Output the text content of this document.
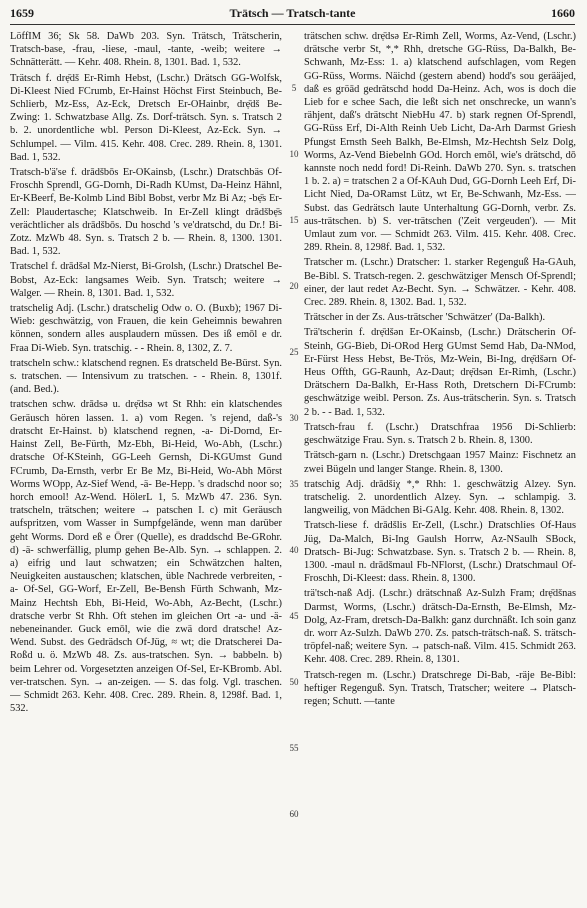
1659	Trätsch — Tratsch-tante	1660

LöffIM 36; Sk 58. DaWb 203. Syn. Trätsch, Trätscherin, Tratsch-base, -frau, -liese, -maul, -tante, -weib; weitere → Schnätterätt. — Kehr. 408. Rhein. 8, 1301. Bad. 1, 532.

Trätsch f. drẹ̄dš Er-Rimh Hebst, (Lschr.) Drätsch GG-Wolfsk, Di-Kleest Nied FCrumb, Er-Hainst Höchst First Steinbuch, Be-Schlierb, Mz-Ess, Az-Eck, Dretsch Er-OHainbr, drẹ̄dš Be-Zwing: 1. Schwatzbase Allg. Zs. Dorf-trätsch. Syn. s. Tratsch 2 b. 2. unordentliche wbl. Person Di-Kleest, Az-Eck. Syn. → Schlumpel. — Vilm. 415. Kehr. 408. Crec. 289. Rhein. 8, 1301. Bad. 1, 532.

Tratsch-b'ä'se f. drādšbōs Er-OKainsb, (Lschr.) Dratschbäs Of-Froschh Sprendl, GG-Dornh, Di-Radh KUmst, Da-Heinz Hähnl, Er-KBeerf, Be-Kolmb Lind Bibl Bobst, verbr Mz Bi Az; -bẹ̄s Er-Zell: Plaudertasche; Klatschweib. In Er-Zell klingt drādšbẹ̄s verächtlicher als drādšbōs. Du hoschd 's ve'dratschd, du Dr.! Bi-Zotz. MzWb 48. Syn. s. Tratsch 2 b. — Rhein. 8, 1300. 1301. Bad. 1, 532.

Tratschel f. drādšəl Mz-Nierst, Bi-Grolsh, (Lschr.) Dratschel Be-Bobst, Az-Eck: langsames Weib. Syn. Tratsch; weitere → Walger. — Rhein. 8, 1301. Bad. 1, 532.

tratschelig Adj. (Lschr.) dratschelig Odw o. O. (Buxb); 1967 Di-Wieb: geschwätzig, von Frauen, die kein Geheimnis bewahren können, sondern alles ausplaudern müssen. Des iß emōl e dr. Fraa Di-Wieb. Syn. tratschig. - - Rhein. 8, 1302, Z. 7.

tratscheln schw.: klatschend regnen. Es dratscheld Be-Bürst. Syn. s. tratschen. — Intensivum zu tratschen. - - Rhein. 8, 1301f. (and. Bed.).

tratschen schw. drādsə u. drẹ̄dsə wt St Rhh: ein klatschendes Geräusch hören lassen. 1. a) vom Regen. 's rejend, daß-'s dratscht Er-Hainst. b) klatschend regnen, -a- Di-Dornd, Er-Hainst Zell, Be-Fürth, Mz-Ebh, Bi-Heid, Wo-Abh, (Lschr.) dratsche Of-KSteinh, GG-Leeh Gernsh, Di-KGUmst Gund FCrumb, Da-Ernsth, verbr Er Be Mz, Bi-Heid, Wo-Abh Mörst Worms WOpp, Az-Sief Wend, -ä- Be-Hepp. 's dradschd noor so; horch emool! Az-Wend. HölerL 1, 5. MzWb 47. 236. Syn. tratscheln, trätschen; weitere → patschen I. c) mit Geräusch aufspritzen, vom Wasser in Sumpfgelände, wenn man darüber geht Worms. Dord eß e Örer (Quelle), es draddschd Be-GRohr. d) -ä- schwerfällig, plump gehen Be-Alb. Syn. → schlappen. 2. a) eifrig und laut schwatzen; ein Schwätzchen halten, Neuigkeiten austauschen; klatschen, üble Nachrede verbreiten, -a- Of-Sel, GG-Worf, Er-Zell, Be-Bensh Fürth Schwanh, Mz-Mainz Hechtsh Ebh, Bi-Heid, Wo-Abh, Az-Becht, (Lschr.) dratsche verbr St Rhh. Oft stehen im gleichen Ort -a- und -ä- nebeneinander. Guck emōl, wie die zwä dord dratsche! Az-Wend. Subst. des Gedrädsch Of-Jüg, ≈ wt; die Dratscherei Da-Roßd u. ö. MzWb 48. Zs. aus-tratschen. Syn. → babbeln. b) beim Lehrer od. Vorgesetzten anzeigen Of-Sel, Er-KBromb. Abl. ver-tratschen. Syn. → an-zeigen. — S. das folg. Vgl. traschen. — Schmidt 263. Kehr. 408. Crec. 289. Rhein. 8, 1298f. Bad. 1, 532.

5
10
15
20
25
30
35
40
45
50
55
60

trätschen schw. drẹ̄dsə Er-Rimh Zell, Worms, Az-Vend, (Lschr.) drätsche verbr St, *,* Rhh, dretsche GG-Rüss, Da-Balkh, Be-Schwanh, Mz-Ess: 1. a) klatschend aufschlagen, vom Regen GG-Rüss, Worms. Näichd (gestern abend) hodd's sou gerääjed, daß es gröād gedrätschd hodd Da-Heinz. Ach, wos is doch die Lieb for e schee Sach, die leßt sich net onschrecke, un wann's rähjent, daß's drätscht NiebHu 47. b) stark regnen Of-Sprendl, GG-Rüss Erf, Di-Alth Reinh Ueb Licht, Da-Arh Darmst Griesh Pfungst Ernsth Seeh Balkh, Be-Elmsh, Mz-Hechtsh Selz Dolg, Worms, Az-Vend Biebelnh GOd. Horch emōl, wie's drätschd, dō kannste noch nedd ford! Di-Reinh. DaWb 270. Syn. s. tratschen 1 b. 2. a) = tratschen 2 a Of-KAuh Dud, GG-Dornh Leeh Erf, Di-Licht Nied, Da-ORamst Lütz, wt Er, Be-Schwanh, Mz-Ess. — Subst. das Gedrätsch laute Unterhaltung GG-Dornh, verbr. Zs. aus-trätschen. b) S. ver-trätschen ('Zeit vergeuden'). — Mit Umlaut zum vor. — Schmidt 263. Vilm. 415. Kehr. 408. Crec. 289. Rhein. 8, 1298f. Bad. 1, 532.

Tratscher m. (Lschr.) Dratscher: 1. starker Regenguß Ha-GAuh, Be-Bibl. S. Tratsch-regen. 2. geschwätziger Mensch Of-Sprendl; einer, der laut redet Az-Becht. Syn. → Schwätzer. - Kehr. 408. Crec. 289. Rhein. 8, 1302. Bad. 1, 532.

Trätscher in der Zs. Aus-trätscher 'Schwätzer' (Da-Balkh).

Trä'tscherin f. drẹ̄dšən Er-OKainsb, (Lschr.) Drätscherin Of-Steinh, GG-Bieb, Di-ORod Herg GUmst Semd Hab, Da-NMod, Er-Fürst Hess Hebst, Be-Trös, Mz-Wein, Bi-Ing, drẹ̄dšərn Of-Heus Offth, GG-Raunh, Az-Daut; drẹ̄dsən Er-Rimh, (Lschr.) Drätschern Da-Balkh, Er-Hass Roth, Dretschern Di-FCrumb: geschwätzige weibl. Person. Zs. Aus-trätscherin. Syn. s. Tratsch 2 b. - - Bad. 1, 532.

Tratsch-frau f. (Lschr.) Dratschfraa 1956 Di-Schlierb: geschwätzige Frau. Syn. s. Tratsch 2 b. Rhein. 8, 1300.

Trätsch-garn n. (Lschr.) Dretschgaan 1957 Mainz: Fischnetz an zwei Bügeln und langer Stange. Rhein. 8, 1300.

tratschig Adj. drādšiχ *,* Rhh: 1. geschwätzig Alzey. Syn. tratschelig. 2. unordentlich Alzey. Syn. → schlampig. 3. langweilig, von Mädchen Bi-GAlg. Kehr. 408. Rhein. 8, 1302.

Tratsch-liese f. drādšlis Er-Zell, (Lschr.) Dratschlies Of-Haus Jüg, Da-Malch, Bi-Ing Gaulsh Horrw, Az-NSaulh SBock, Dratsch- Bi-Jug: Schwatzbase. Syn. s. Tratsch 2 b. — Rhein. 8, 1300. -maul n. drādšmaul Fb-NFlorst, (Lschr.) Dratschmaul Of-Froschh, Di-Kleest: dass. Rhein. 8, 1300.

trä'tsch-naß Adj. (Lschr.) drätschnaß Az-Sulzh Fram; drẹ̄dšnas Darmst, Worms, (Lschr.) drätsch-Da-Ernsth, Be-Elmsh, Mz-Dolg, Az-Fram, dretsch-Da-Balkh: ganz durchnäßt. Ich soin ganz dr. worr Az-Sulzh. DaWb 270. Zs. patsch-trätsch-naß. S. trätsch-tröpfel-naß; weitere Syn. → patsch-naß. Vilm. 415. Schmidt 263. Kehr. 408. Crec. 289. Rhein. 8, 1301.

Tratsch-regen m. (Lschr.) Dratschrege Di-Bab, -räje Be-Bibl: heftiger Regenguß. Syn. Tratsch, Tratscher; weitere → Platsch-regen; Schutt. —tante
